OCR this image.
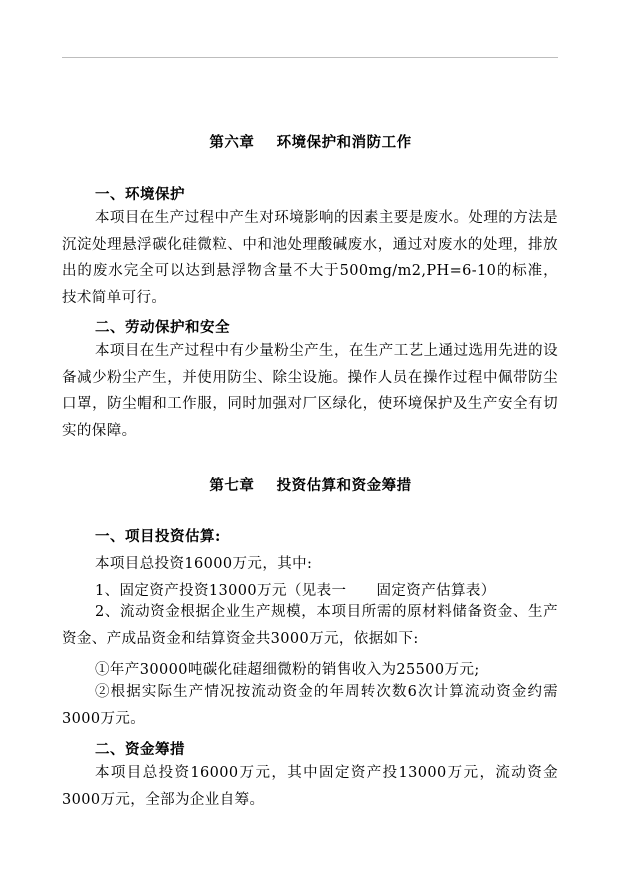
第六章    环境保护和消防工作
一、环境保护

本项目在生产过程中产生对环境影响的因素主要是废水。处理的方法是沉淀处理悬浮碳化硅微粒、中和池处理酸碱废水，通过对废水的处理，排放出的废水完全可以达到悬浮物含量不大于500mg/m2,PH=6-10的标准，技术简单可行。

二、劳动保护和安全

本项目在生产过程中有少量粉尘产生，在生产工艺上通过选用先进的设备减少粉尘产生，并使用防尘、除尘设施。操作人员在操作过程中佩带防尘口罩，防尘帽和工作服，同时加强对厂区绿化，使环境保护及生产安全有切实的保障。

第七章    投资估算和资金筹措
一、项目投资估算:
本项目总投资16000万元，其中:
1、固定资产投资13000万元（见表一      固定资产估算表）

2、流动资金根据企业生产规模，本项目所需的原材料储备资金、生产资金、产成品资金和结算资金共3000万元，依据如下:

①年产30000吨碳化硅超细微粉的销售收入为25500万元;

②根据实际生产情况按流动资金的年周转次数6次计算流动资金约需3000万元。

二、资金筹措

本项目总投资16000万元，其中固定资产投13000万元，流动资金3000万元，全部为企业自筹。
